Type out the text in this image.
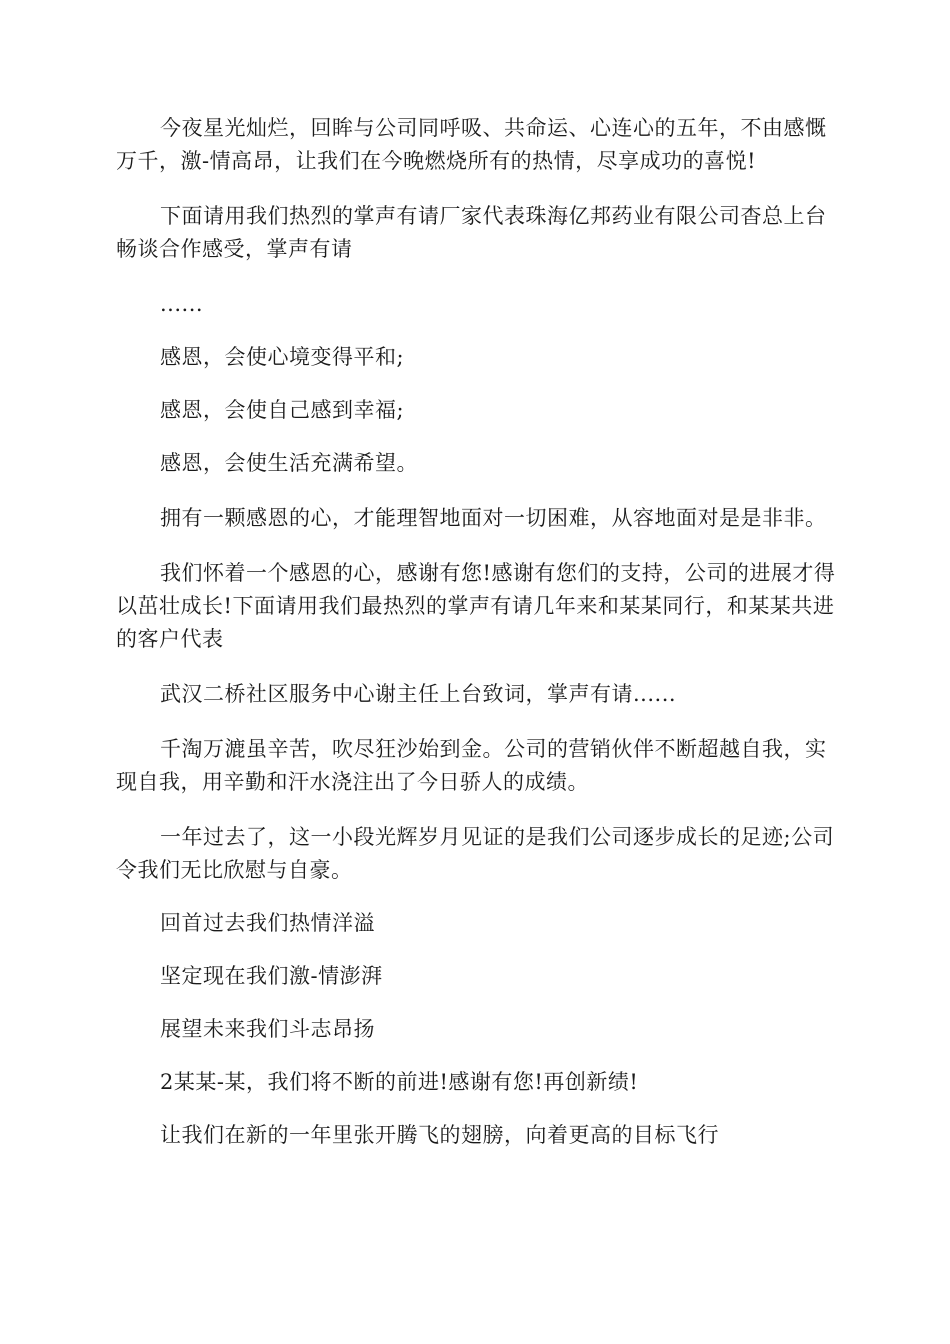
今夜星光灿烂，回眸与公司同呼吸、共命运、心连心的五年，不由感慨万千，激-情高昂，让我们在今晚燃烧所有的热情，尽享成功的喜悦!

下面请用我们热烈的掌声有请厂家代表珠海亿邦药业有限公司杳总上台畅谈合作感受，掌声有请

......

感恩，会使心境变得平和;

感恩，会使自己感到幸福;

感恩，会使生活充满希望。

拥有一颗感恩的心，才能理智地面对一切困难，从容地面对是是非非。

我们怀着一个感恩的心，感谢有您!感谢有您们的支持，公司的进展才得以茁壮成长!下面请用我们最热烈的掌声有请几年来和某某同行，和某某共进的客户代表

武汉二桥社区服务中心谢主任上台致词，掌声有请......

千淘万漉虽辛苦，吹尽狂沙始到金。公司的营销伙伴不断超越自我，实现自我，用辛勤和汗水浇注出了今日骄人的成绩。

一年过去了，这一小段光辉岁月见证的是我们公司逐步成长的足迹;公司令我们无比欣慰与自豪。

回首过去我们热情洋溢

坚定现在我们激-情澎湃

展望未来我们斗志昂扬

2某某-某，我们将不断的前进!感谢有您!再创新绩!

让我们在新的一年里张开腾飞的翅膀，向着更高的目标飞行
